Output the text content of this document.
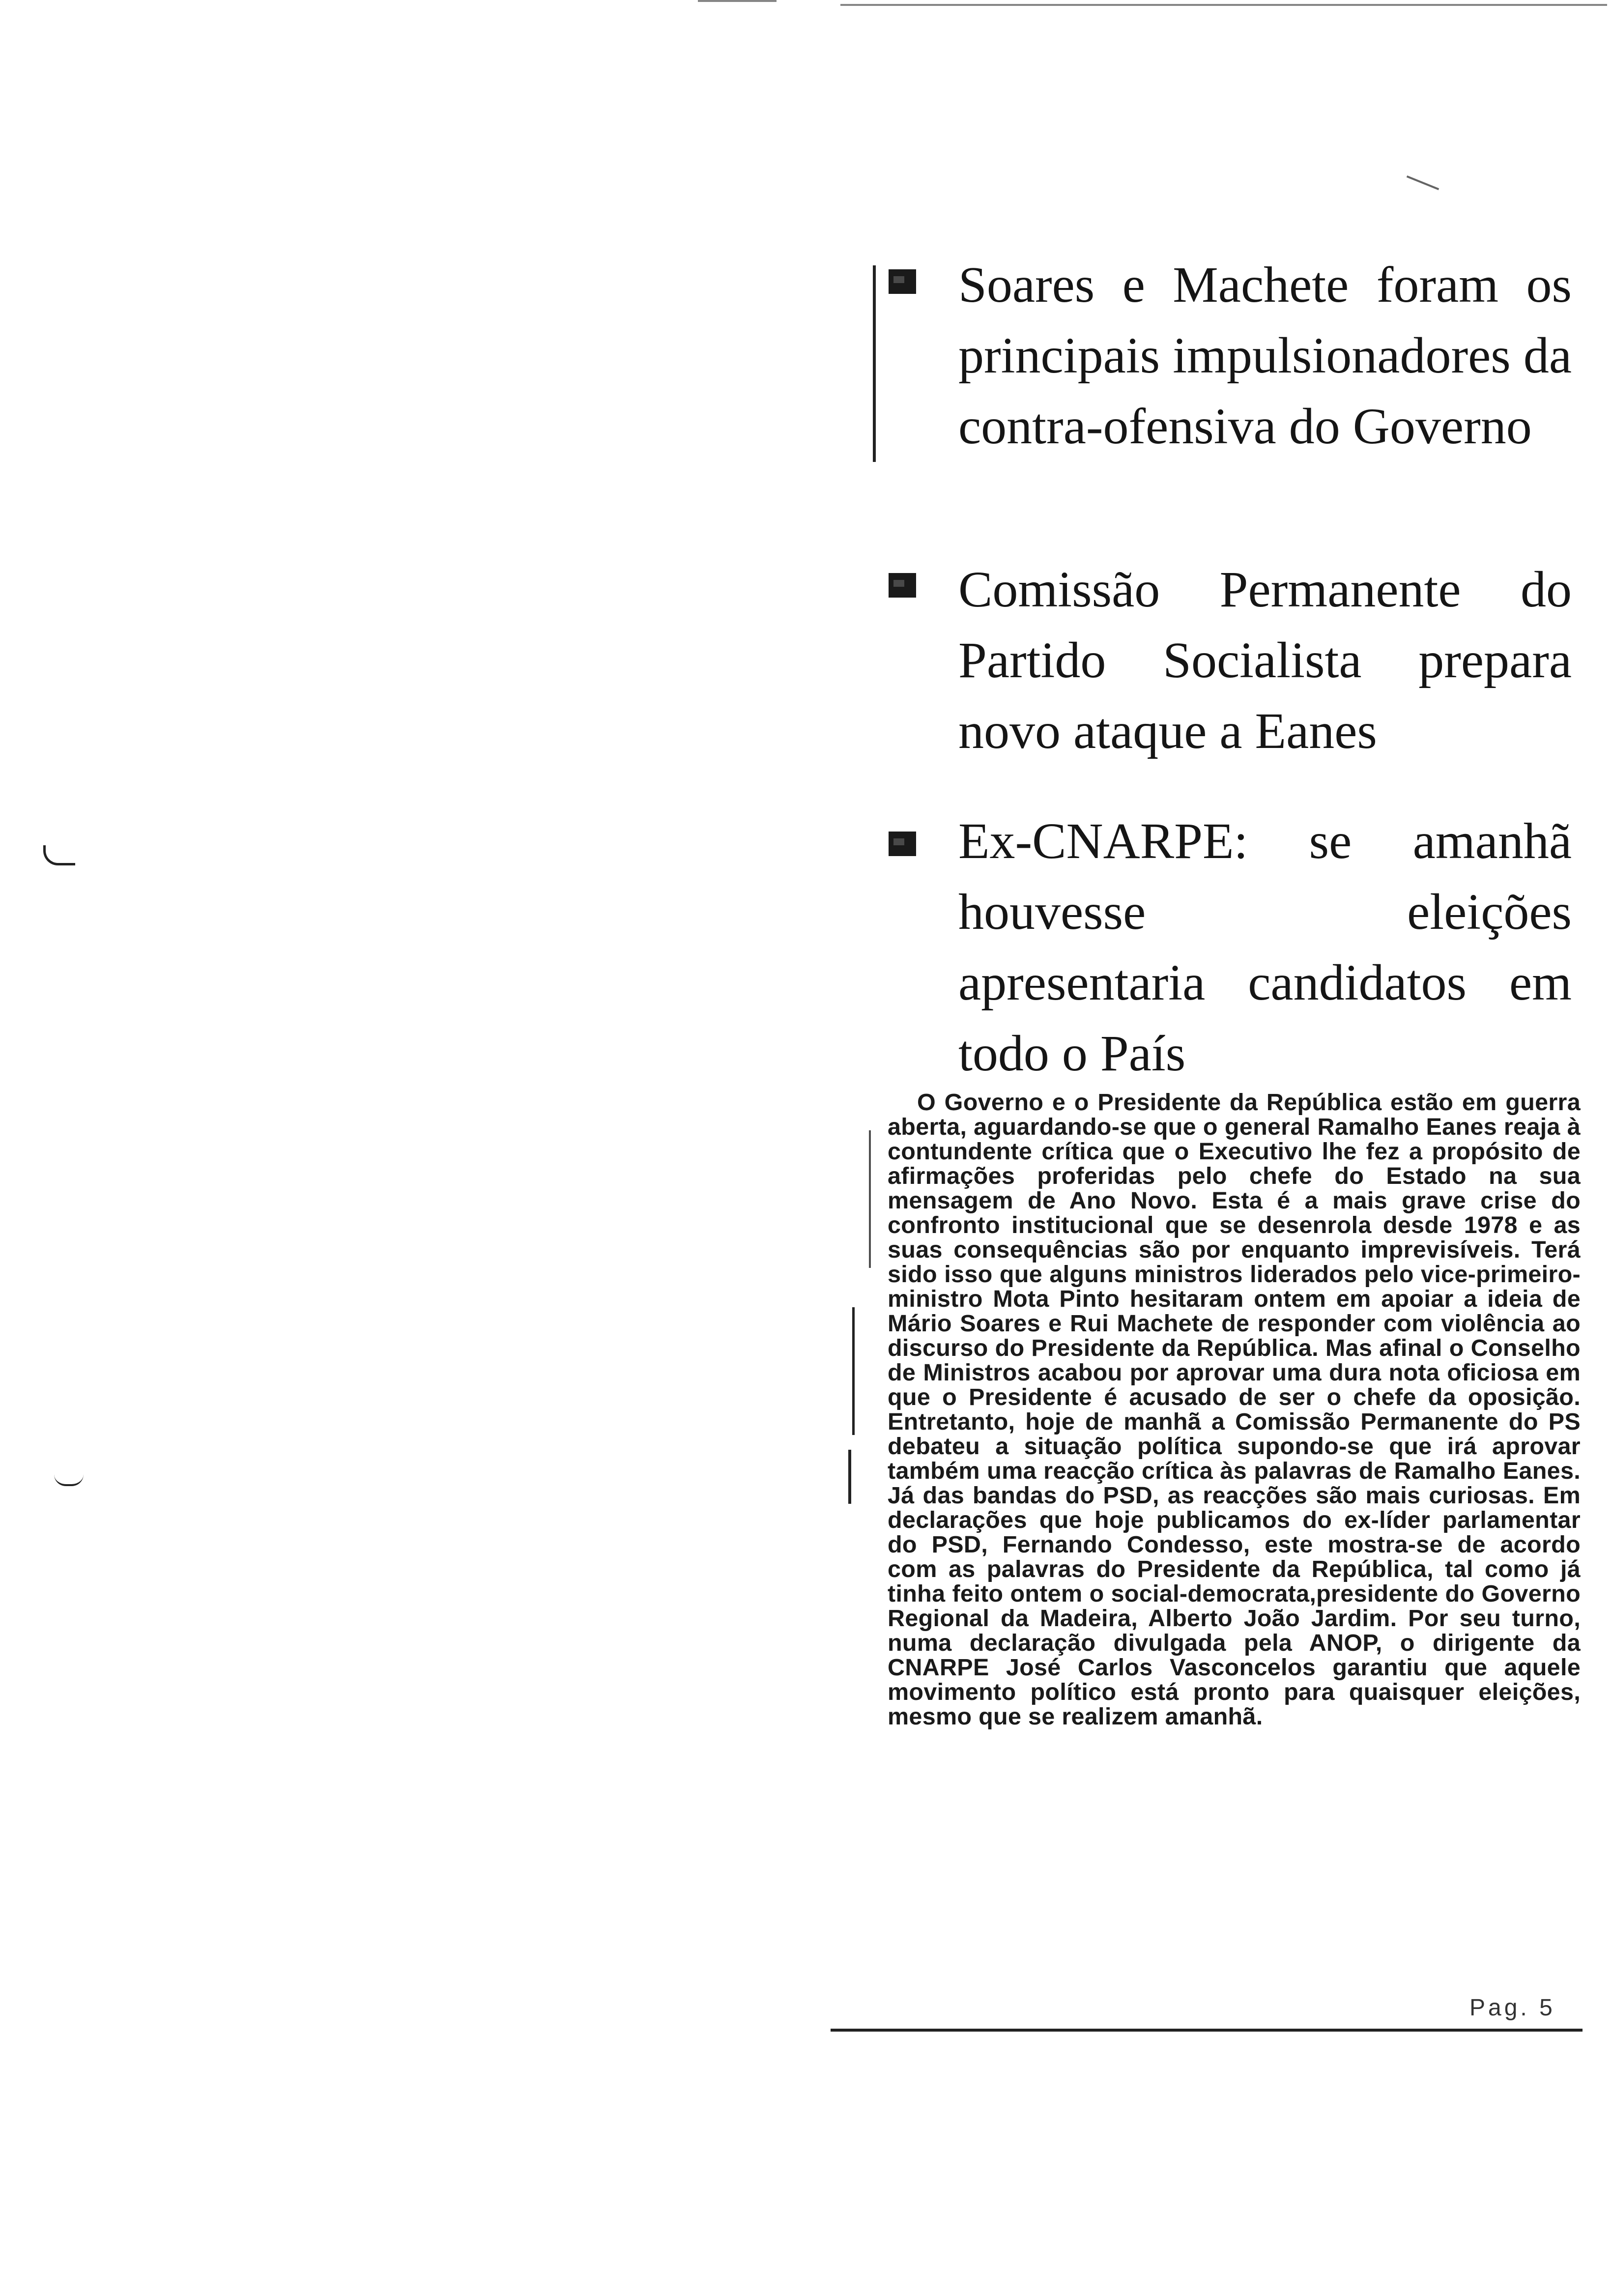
Soares e Machete foram os principais impulsionadores da contra-ofensiva do Governo
Comissão Permanente do Partido Socialista prepara novo ataque a Eanes
Ex-CNARPE: se amanhã houvesse eleições apresentaria candidatos em todo o País
O Governo e o Presidente da República estão em guerra aberta, aguardando-se que o general Ramalho Eanes reaja à contundente crítica que o Executivo lhe fez a propósito de afirmações proferidas pelo chefe do Estado na sua mensagem de Ano Novo. Esta é a mais grave crise do confronto institucional que se desenrola desde 1978 e as suas consequências são por enquanto imprevisíveis. Terá sido isso que alguns ministros liderados pelo vice-primeiro-ministro Mota Pinto hesitaram ontem em apoiar a ideia de Mário Soares e Rui Machete de responder com violência ao discurso do Presidente da República. Mas afinal o Conselho de Ministros acabou por aprovar uma dura nota oficiosa em que o Presidente é acusado de ser o chefe da oposição. Entretanto, hoje de manhã a Comissão Permanente do PS debateu a situação política supondo-se que irá aprovar também uma reacção crítica às palavras de Ramalho Eanes. Já das bandas do PSD, as reacções são mais curiosas. Em declarações que hoje publicamos do ex-líder parlamentar do PSD, Fernando Condesso, este mostra-se de acordo com as palavras do Presidente da República, tal como já tinha feito ontem o social-democrata,presidente do Governo Regional da Madeira, Alberto João Jardim. Por seu turno, numa declaração divulgada pela ANOP, o dirigente da CNARPE José Carlos Vasconcelos garantiu que aquele movimento político está pronto para quaisquer eleições, mesmo que se realizem amanhã.
Pag. 5
